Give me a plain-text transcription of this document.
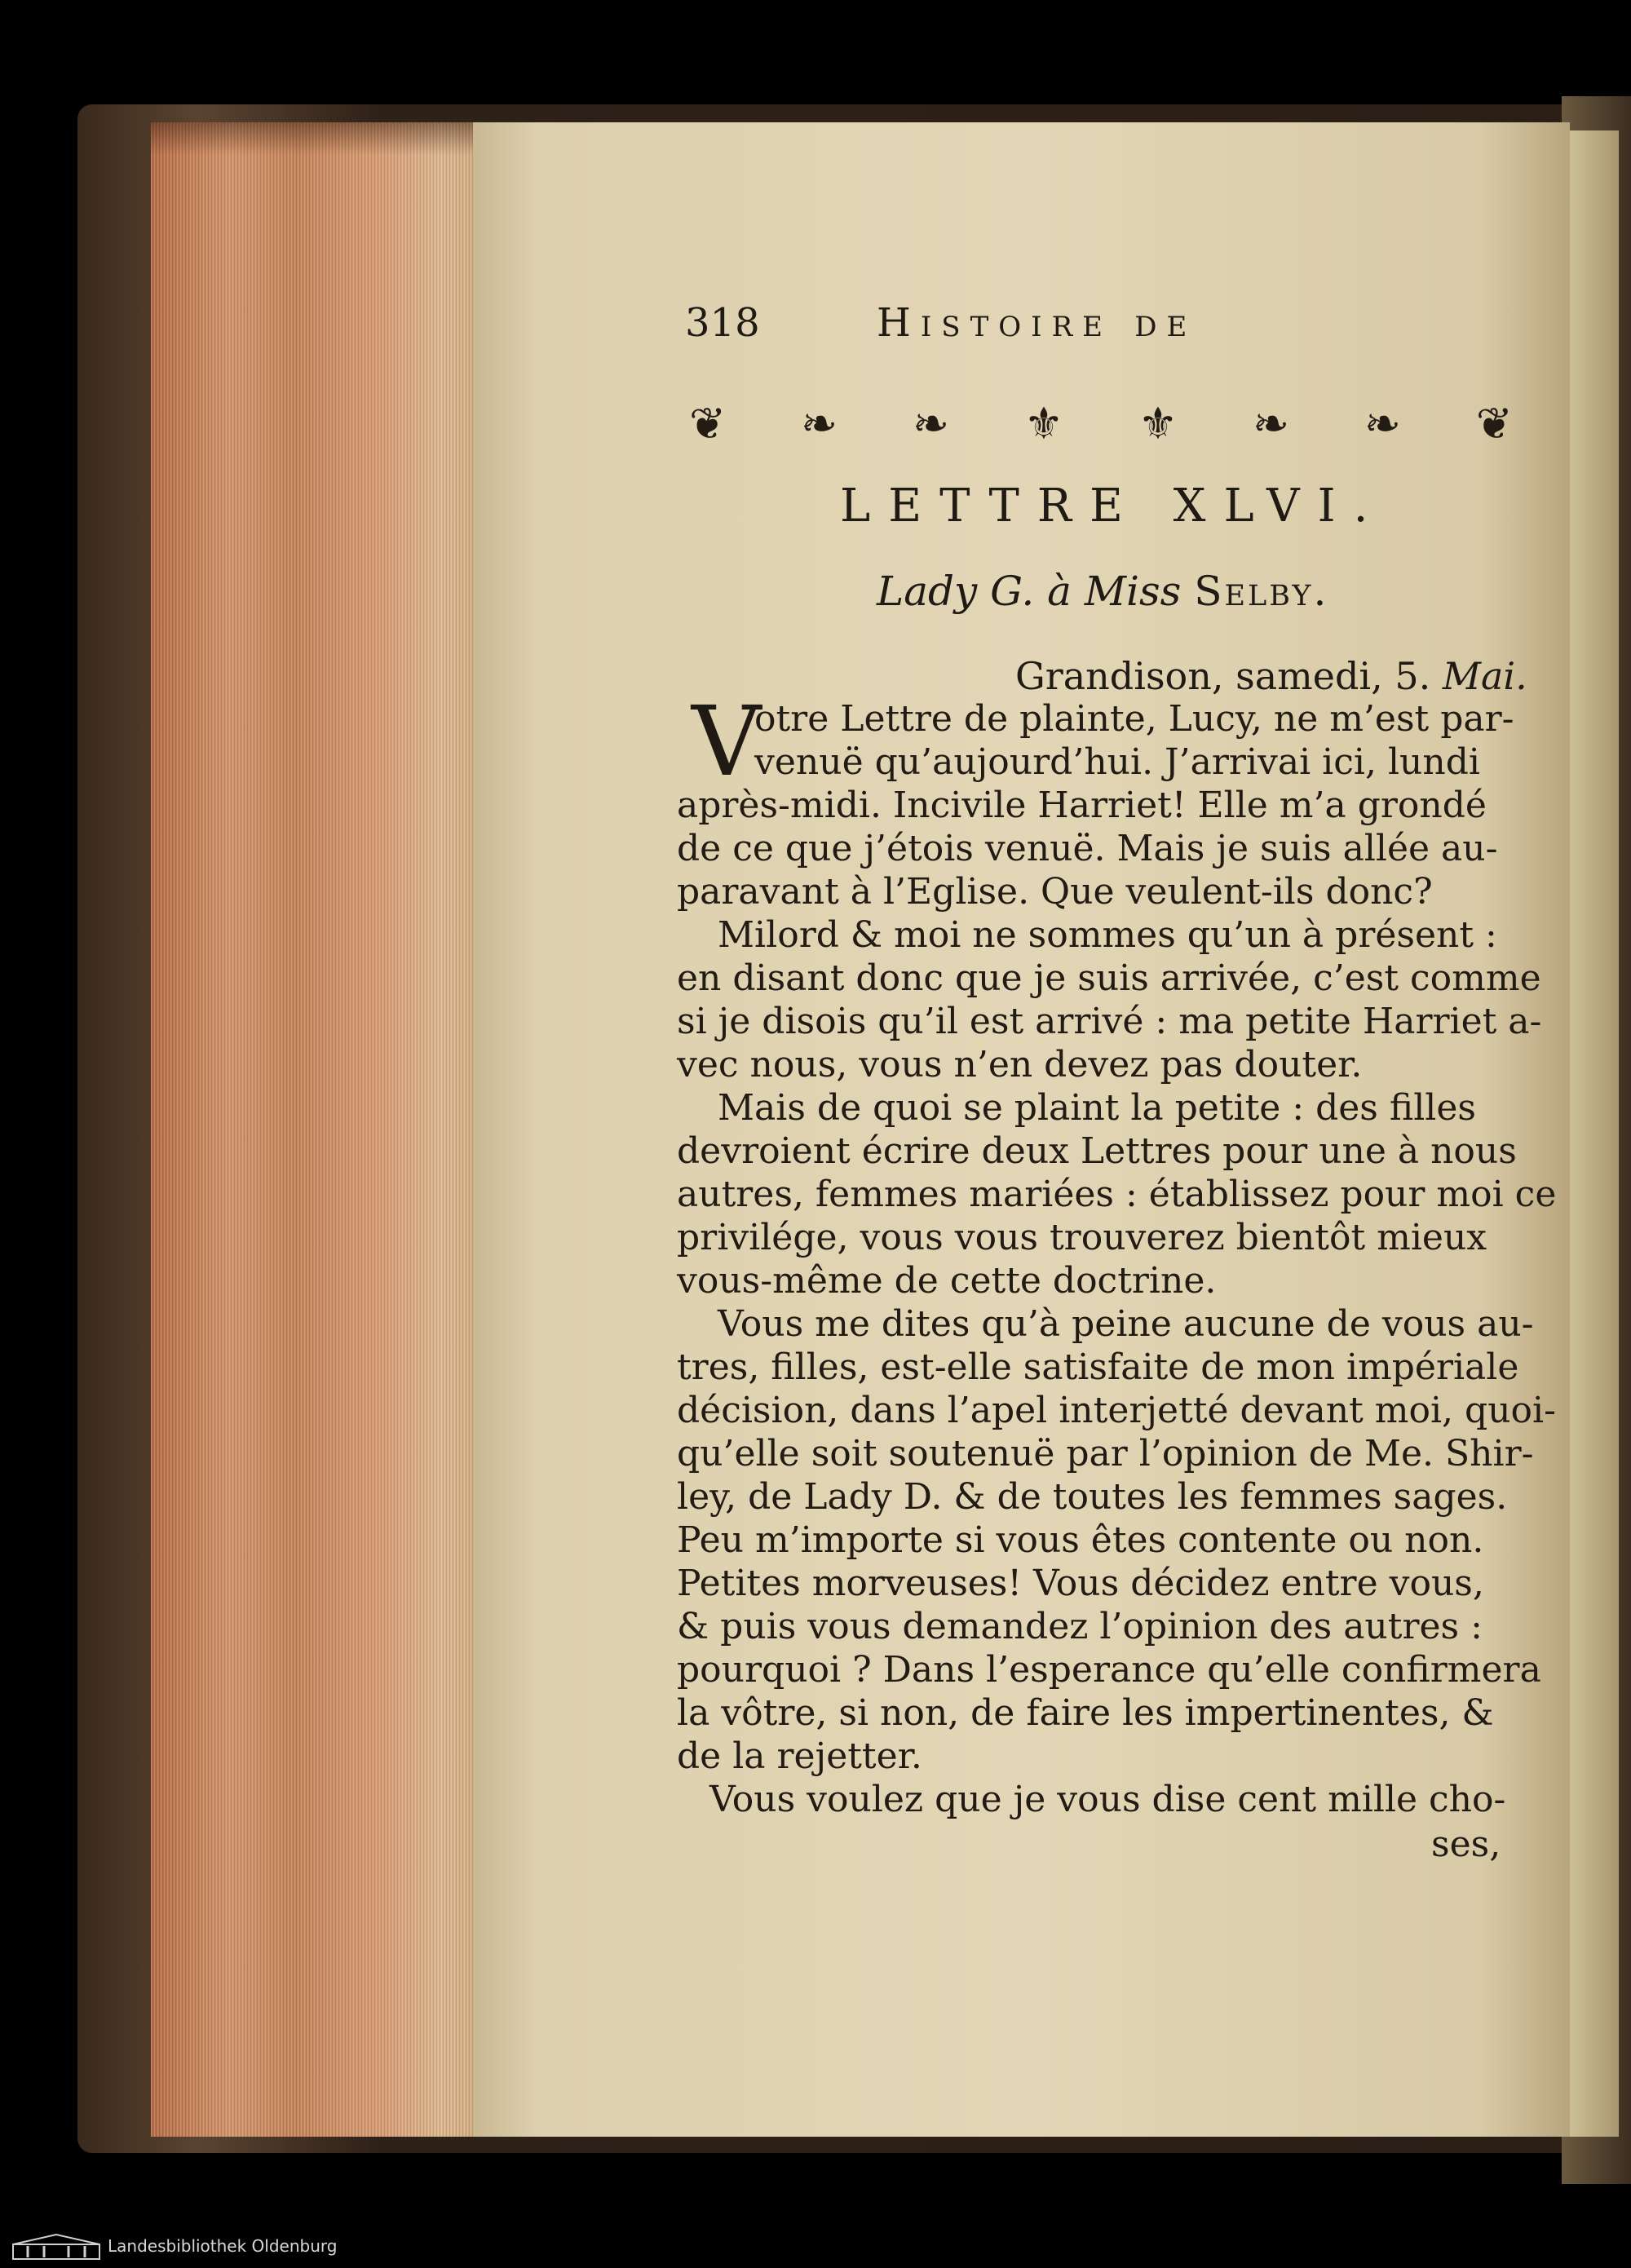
318	Histoire de
❦ ❧ ❧ ⚜ ⚜ ❧ ❧ ❦
LETTRE XLVI.
Lady G. à Miss Selby.
Grandison, samedi, 5. Mai.
V
otre Lettre de plainte, Lucy, ne m’est par-
venuë qu’aujourd’hui. J’arrivai ici, lundi
après-midi. Incivile Harriet! Elle m’a grondé
de ce que j’étois venuë. Mais je suis allée au-
paravant à l’Eglise. Que veulent-ils donc?
Milord & moi ne sommes qu’un à présent :
en disant donc que je suis arrivée, c’est comme
si je disois qu’il est arrivé : ma petite Harriet a-
vec nous, vous n’en devez pas douter.
Mais de quoi se plaint la petite : des filles
devroient écrire deux Lettres pour une à nous
autres, femmes mariées : établissez pour moi ce
privilége, vous vous trouverez bientôt mieux
vous-même de cette doctrine.
Vous me dites qu’à peine aucune de vous au-
tres, filles, est-elle satisfaite de mon impériale
décision, dans l’apel interjetté devant moi, quoi-
qu’elle soit soutenuë par l’opinion de Me. Shir-
ley, de Lady D. & de toutes les femmes sages.
Peu m’importe si vous êtes contente ou non.
Petites morveuses! Vous décidez entre vous,
& puis vous demandez l’opinion des autres :
pourquoi ? Dans l’esperance qu’elle confirmera
la vôtre, si non, de faire les impertinentes, &
de la rejetter.
Vous voulez que je vous dise cent mille cho-
ses,
Landesbibliothek Oldenburg
